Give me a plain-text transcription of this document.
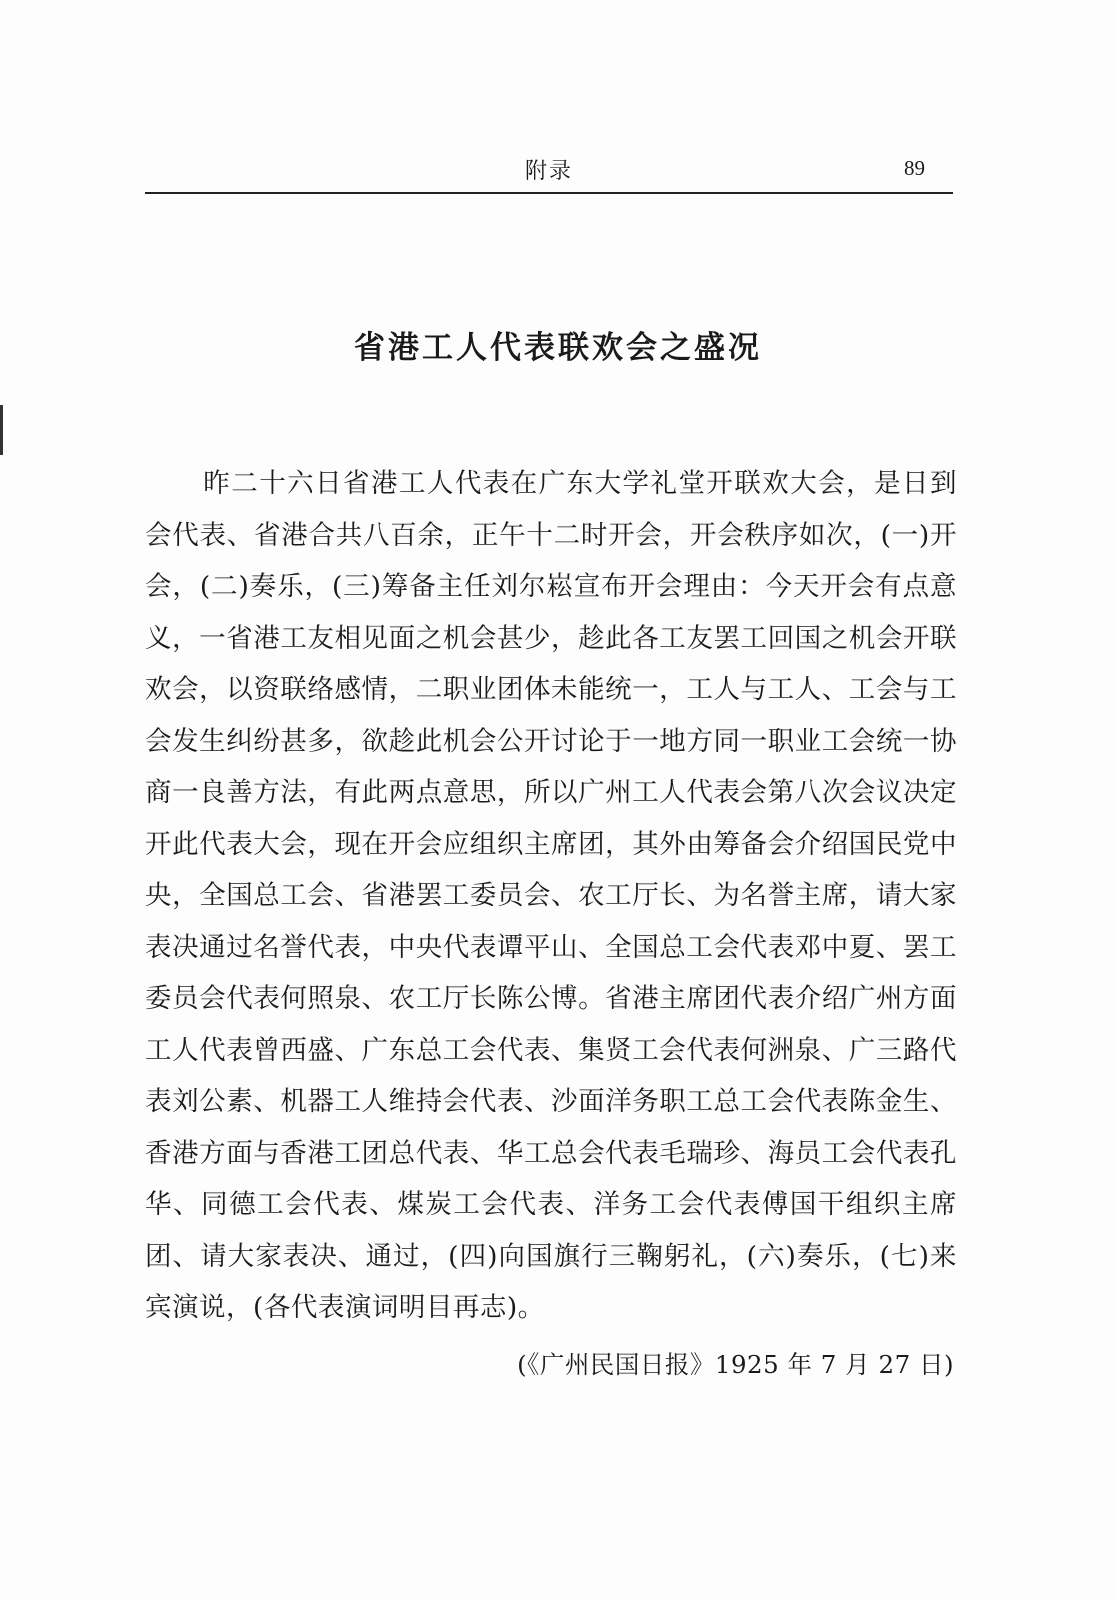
附录	89
省港工人代表联欢会之盛况
昨二十六日省港工人代表在广东大学礼堂开联欢大会，是日到会代表、省港合共八百余，正午十二时开会，开会秩序如次，(一)开会，(二)奏乐，(三)筹备主任刘尔崧宣布开会理由：今天开会有点意义，一省港工友相见面之机会甚少，趁此各工友罢工回国之机会开联欢会，以资联络感情，二职业团体未能统一，工人与工人、工会与工会发生纠纷甚多，欲趁此机会公开讨论于一地方同一职业工会统一协商一良善方法，有此两点意思，所以广州工人代表会第八次会议决定开此代表大会，现在开会应组织主席团，其外由筹备会介绍国民党中央，全国总工会、省港罢工委员会、农工厅长、为名誉主席，请大家表决通过名誉代表，中央代表谭平山、全国总工会代表邓中夏、罢工委员会代表何照泉、农工厅长陈公博。省港主席团代表介绍广州方面工人代表曾西盛、广东总工会代表、集贤工会代表何洲泉、广三路代表刘公素、机器工人维持会代表、沙面洋务职工总工会代表陈金生、香港方面与香港工团总代表、华工总会代表毛瑞珍、海员工会代表孔华、同德工会代表、煤炭工会代表、洋务工会代表傅国干组织主席团、请大家表决、通过，(四)向国旗行三鞠躬礼，(六)奏乐，(七)来宾演说，(各代表演词明目再志)。
(《广州民国日报》1925 年 7 月 27 日)
